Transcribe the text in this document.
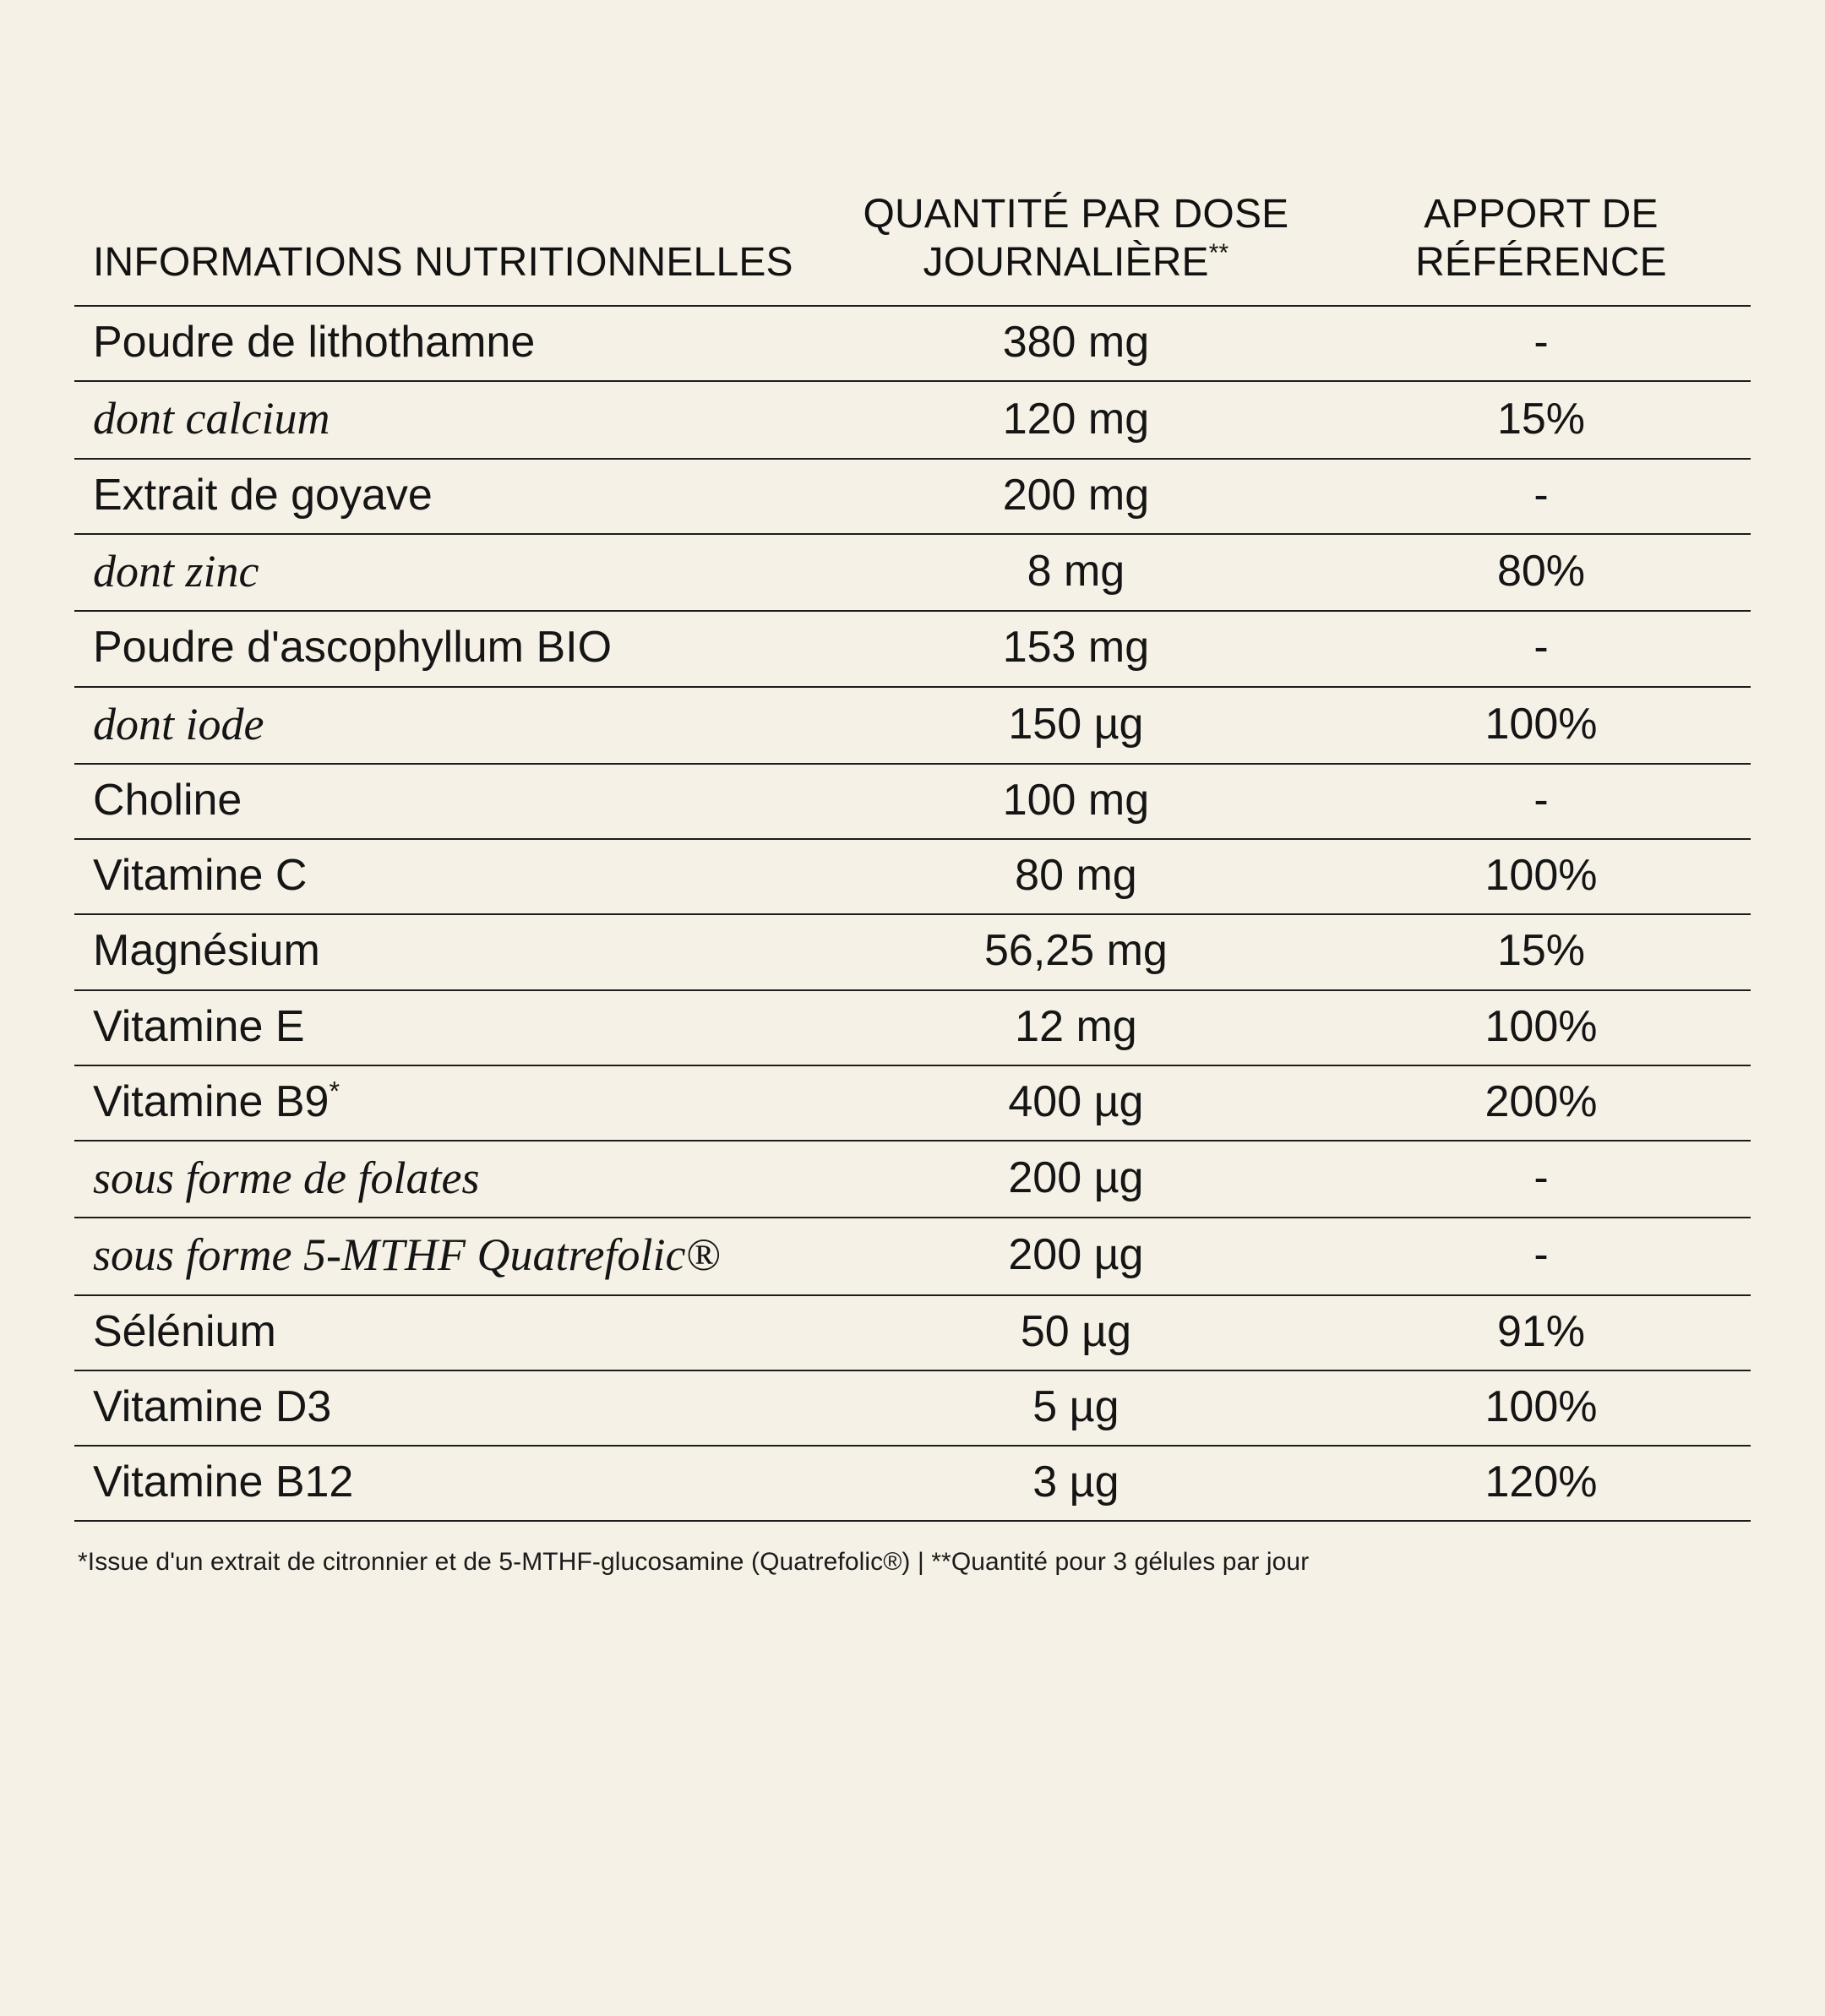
INFORMATIONS NUTRITIONNELLES	QUANTITÉ PAR DOSE JOURNALIÈRE**	APPORT DE RÉFÉRENCE
Poudre de lithothamne	380 mg	-
dont calcium	120 mg	15%
Extrait de goyave	200 mg	-
dont zinc	8 mg	80%
Poudre d'ascophyllum BIO	153 mg	-
dont iode	150 µg	100%
Choline	100 mg	-
Vitamine C	80 mg	100%
Magnésium	56,25 mg	15%
Vitamine E	12 mg	100%
Vitamine B9*	400 µg	200%
sous forme de folates	200 µg	-
sous forme 5-MTHF Quatrefolic®	200 µg	-
Sélénium	50 µg	91%
Vitamine D3	5 µg	100%
Vitamine B12	3 µg	120%
*Issue d'un extrait de citronnier et de 5-MTHF-glucosamine (Quatrefolic®) | **Quantité pour 3 gélules par jour
